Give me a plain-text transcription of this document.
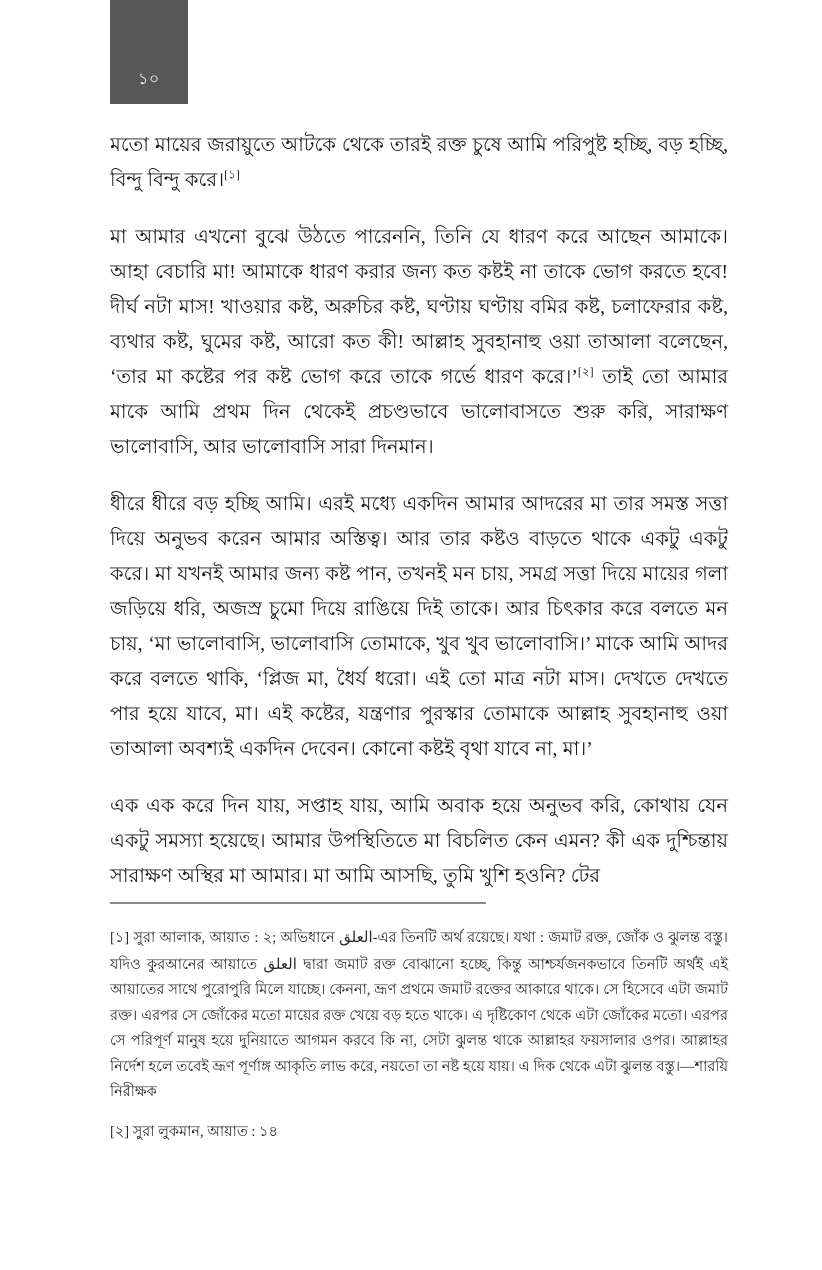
১০

মতো মায়ের জরায়ুতে আটকে থেকে তারই রক্ত চুষে আমি পরিপুষ্ট হচ্ছি, বড় হচ্ছি, বিন্দু বিন্দু করে।[১]

মা আমার এখনো বুঝে উঠতে পারেননি, তিনি যে ধারণ করে আছেন আমাকে। আহা বেচারি মা! আমাকে ধারণ করার জন্য কত কষ্টই না তাকে ভোগ করতে হবে! দীর্ঘ নটা মাস! খাওয়ার কষ্ট, অরুচির কষ্ট, ঘণ্টায় ঘণ্টায় বমির কষ্ট, চলাফেরার কষ্ট, ব্যথার কষ্ট, ঘুমের কষ্ট, আরো কত কী! আল্লাহ সুবহানাহু ওয়া তাআলা বলেছেন, ‘তার মা কষ্টের পর কষ্ট ভোগ করে তাকে গর্ভে ধারণ করে।’[২] তাই তো আমার মাকে আমি প্রথম দিন থেকেই প্রচণ্ডভাবে ভালোবাসতে শুরু করি, সারাক্ষণ ভালোবাসি, আর ভালোবাসি সারা দিনমান।

ধীরে ধীরে বড় হচ্ছি আমি। এরই মধ্যে একদিন আমার আদরের মা তার সমস্ত সত্তা দিয়ে অনুভব করেন আমার অস্তিত্ব। আর তার কষ্টও বাড়তে থাকে একটু একটু করে। মা যখনই আমার জন্য কষ্ট পান, তখনই মন চায়, সমগ্র সত্তা দিয়ে মায়ের গলা জড়িয়ে ধরি, অজস্র চুমো দিয়ে রাঙিয়ে দিই তাকে। আর চিৎকার করে বলতে মন চায়, ‘মা ভালোবাসি, ভালোবাসি তোমাকে, খুব খুব ভালোবাসি।’ মাকে আমি আদর করে বলতে থাকি, ‘প্লিজ মা, ধৈর্য ধরো। এই তো মাত্র নটা মাস। দেখতে দেখতে পার হয়ে যাবে, মা। এই কষ্টের, যন্ত্রণার পুরস্কার তোমাকে আল্লাহ সুবহানাহু ওয়া তাআলা অবশ্যই একদিন দেবেন। কোনো কষ্টই বৃথা যাবে না, মা।’

এক এক করে দিন যায়, সপ্তাহ যায়, আমি অবাক হয়ে অনুভব করি, কোথায় যেন একটু সমস্যা হয়েছে। আমার উপস্থিতিতে মা বিচলিত কেন এমন? কী এক দুশ্চিন্তায় সারাক্ষণ অস্থির মা আমার। মা আমি আসছি, তুমি খুশি হওনি? টের

[১] সুরা আলাক, আয়াত : ২; অভিধানে العلق-এর তিনটি অর্থ রয়েছে। যথা : জমাট রক্ত, জোঁক ও ঝুলন্ত বস্তু। যদিও কুরআনের আয়াতে العلق দ্বারা জমাট রক্ত বোঝানো হচ্ছে, কিন্তু আশ্চর্যজনকভাবে তিনটি অর্থই এই আয়াতের সাথে পুরোপুরি মিলে যাচ্ছে। কেননা, ভ্রূণ প্রথমে জমাট রক্তের আকারে থাকে। সে হিসেবে এটা জমাট রক্ত। এরপর সে জোঁকের মতো মায়ের রক্ত খেয়ে বড় হতে থাকে। এ দৃষ্টিকোণ থেকে এটা জোঁকের মতো। এরপর সে পরিপূর্ণ মানুষ হয়ে দুনিয়াতে আগমন করবে কি না, সেটা ঝুলন্ত থাকে আল্লাহর ফয়সালার ওপর। আল্লাহর নির্দেশ হলে তবেই ভ্রূণ পূর্ণাঙ্গ আকৃতি লাভ করে, নয়তো তা নষ্ট হয়ে যায়। এ দিক থেকে এটা ঝুলন্ত বস্তু।—শারয়ি নিরীক্ষক

[২] সুরা লুকমান, আয়াত : ১৪
